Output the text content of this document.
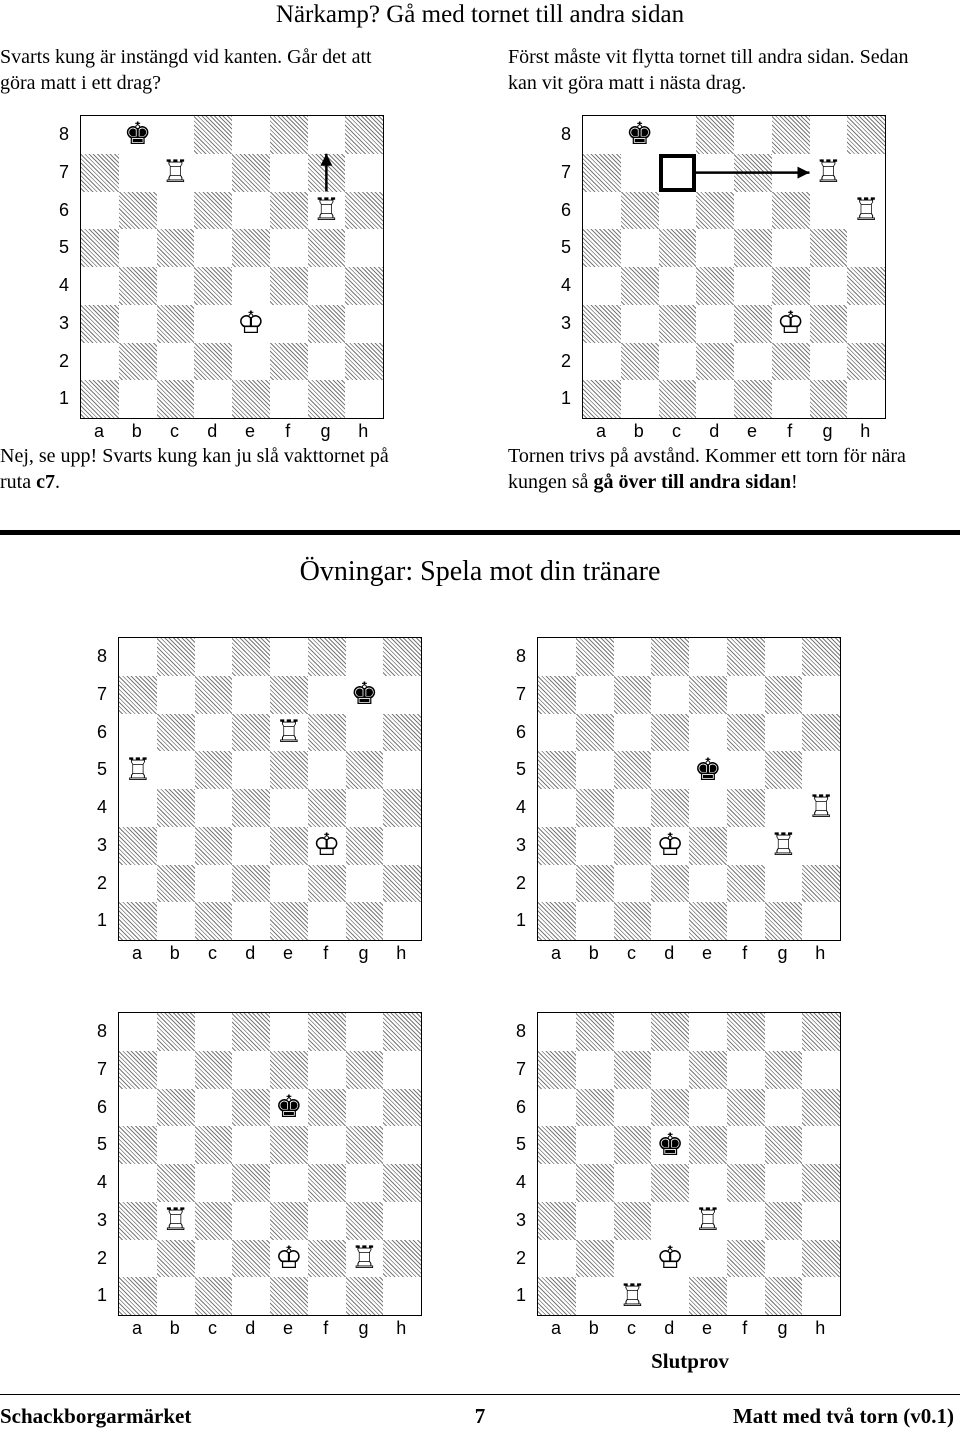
Närkamp? Gå med tornet till andra sidan
Svarts kung är instängd vid kanten. Går det att
göra matt i ett drag?
Först måste vit flytta tornet till andra sidan. Sedan
kan vit göra matt i nästa drag.
♚
♖
♖
♔
8
7
6
5
4
3
2
1
a b	c	d e	f	g h
♚
♖
♖
♔
8
7
6
5
4
3
2
1
a b	c	d e	f	g h
♚
♖
♖
♔
8
7
6
5
4
3
2
1
a b	c	d e	f	g h
♚
♖
♖
♔
8
7
6
5
4
3
2
1
a b	c	d e	f	g h
♚
♖
♔ ♖
8
7
6
5
4
3
2
1
a b	c	d e	f	g h
♚
♖
♔
♖
8
7
6
5
4
3
2
1
a b	c	d e	f	g h
Nej, se upp! Svarts kung kan ju slå vakttornet på
ruta c7.
Tornen trivs på avstånd. Kommer ett torn för nära
kungen så gå över till andra sidan!
Övningar: Spela mot din tränare
Slutprov
Schackborgarmärket	7	Matt med två torn (v0.1)
